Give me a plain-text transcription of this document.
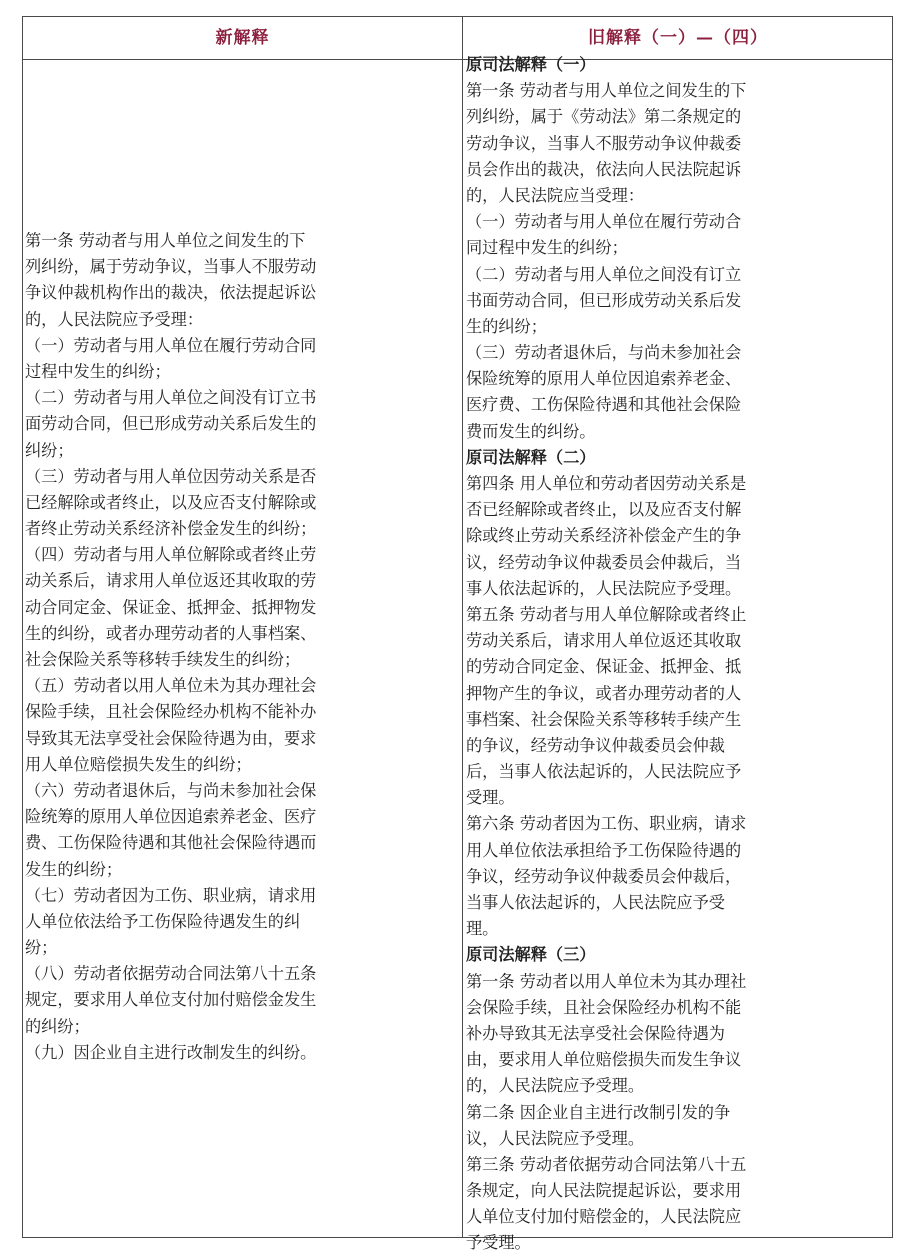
新解释	旧解释（一）—（四）
第一条 劳动者与用人单位之间发生的下
列纠纷，属于劳动争议，当事人不服劳动
争议仲裁机构作出的裁决，依法提起诉讼
的，人民法院应予受理：
（一）劳动者与用人单位在履行劳动合同
过程中发生的纠纷；
（二）劳动者与用人单位之间没有订立书
面劳动合同，但已形成劳动关系后发生的
纠纷；
（三）劳动者与用人单位因劳动关系是否
已经解除或者终止，以及应否支付解除或
者终止劳动关系经济补偿金发生的纠纷；
（四）劳动者与用人单位解除或者终止劳
动关系后，请求用人单位返还其收取的劳
动合同定金、保证金、抵押金、抵押物发
生的纠纷，或者办理劳动者的人事档案、
社会保险关系等移转手续发生的纠纷；
（五）劳动者以用人单位未为其办理社会
保险手续，且社会保险经办机构不能补办
导致其无法享受社会保险待遇为由，要求
用人单位赔偿损失发生的纠纷；
（六）劳动者退休后，与尚未参加社会保
险统筹的原用人单位因追索养老金、医疗
费、工伤保险待遇和其他社会保险待遇而
发生的纠纷；
（七）劳动者因为工伤、职业病，请求用
人单位依法给予工伤保险待遇发生的纠
纷；
（八）劳动者依据劳动合同法第八十五条
规定，要求用人单位支付加付赔偿金发生
的纠纷；
（九）因企业自主进行改制发生的纠纷。
原司法解释（一）
第一条 劳动者与用人单位之间发生的下
列纠纷，属于《劳动法》第二条规定的
劳动争议，当事人不服劳动争议仲裁委
员会作出的裁决，依法向人民法院起诉
的，人民法院应当受理：
（一）劳动者与用人单位在履行劳动合
同过程中发生的纠纷；
（二）劳动者与用人单位之间没有订立
书面劳动合同，但已形成劳动关系后发
生的纠纷；
（三）劳动者退休后，与尚未参加社会
保险统筹的原用人单位因追索养老金、
医疗费、工伤保险待遇和其他社会保险
费而发生的纠纷。
原司法解释（二）
第四条 用人单位和劳动者因劳动关系是
否已经解除或者终止，以及应否支付解
除或终止劳动关系经济补偿金产生的争
议，经劳动争议仲裁委员会仲裁后，当
事人依法起诉的，人民法院应予受理。
第五条 劳动者与用人单位解除或者终止
劳动关系后，请求用人单位返还其收取
的劳动合同定金、保证金、抵押金、抵
押物产生的争议，或者办理劳动者的人
事档案、社会保险关系等移转手续产生
的争议，经劳动争议仲裁委员会仲裁
后，当事人依法起诉的，人民法院应予
受理。
第六条 劳动者因为工伤、职业病，请求
用人单位依法承担给予工伤保险待遇的
争议，经劳动争议仲裁委员会仲裁后，
当事人依法起诉的，人民法院应予受
理。
原司法解释（三）
第一条 劳动者以用人单位未为其办理社
会保险手续，且社会保险经办机构不能
补办导致其无法享受社会保险待遇为
由，要求用人单位赔偿损失而发生争议
的，人民法院应予受理。
第二条 因企业自主进行改制引发的争
议，人民法院应予受理。
第三条 劳动者依据劳动合同法第八十五
条规定，向人民法院提起诉讼，要求用
人单位支付加付赔偿金的，人民法院应
予受理。
